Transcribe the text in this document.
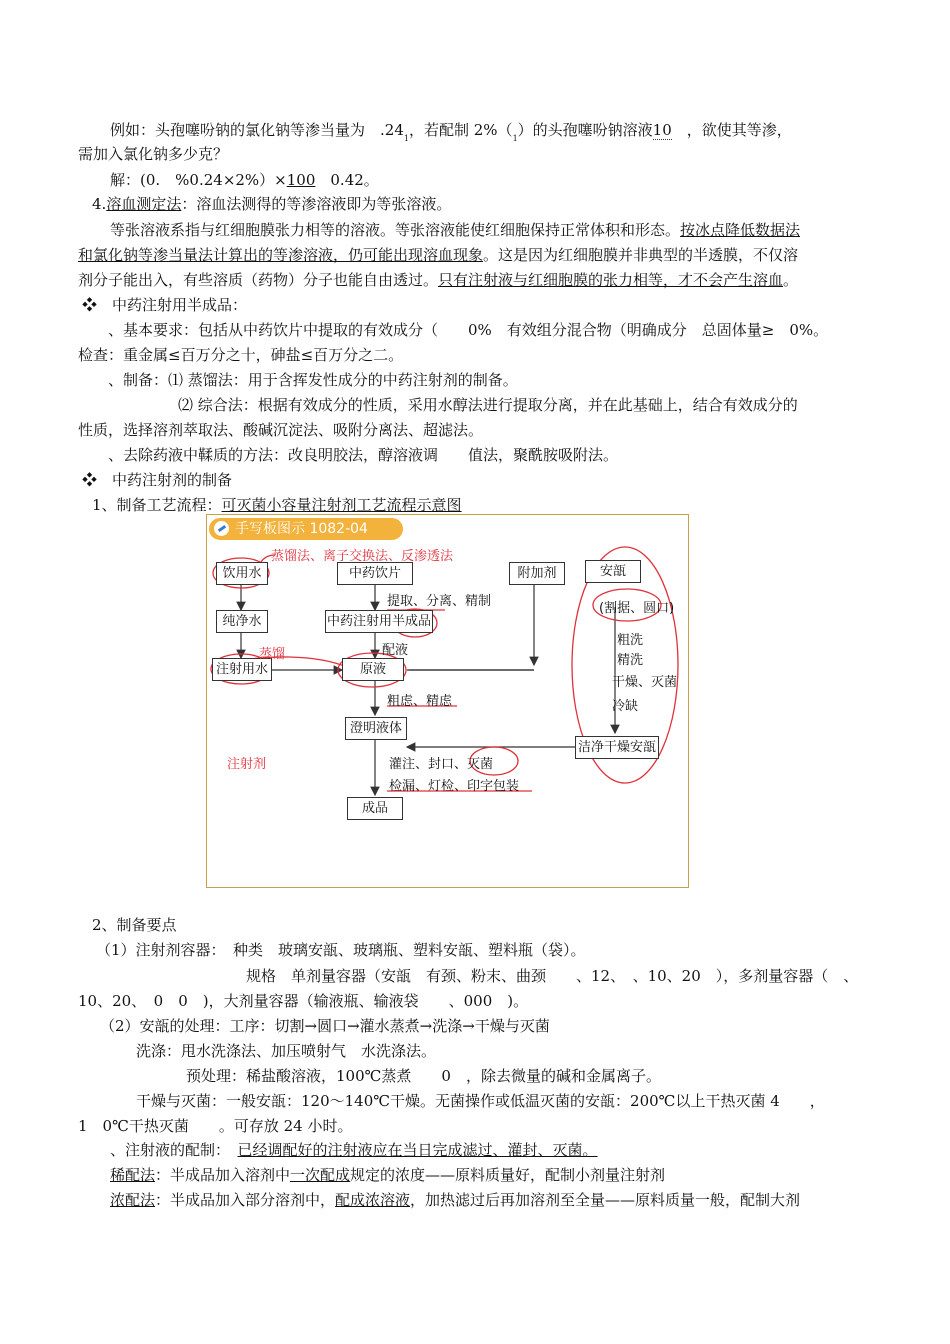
例如：头孢噻吩钠的氯化钠等渗当量为　 $.24_1$，若配制 $2\%(_1)$的头孢噻吩钠溶液10　 ，欲使其等渗，
需加入氯化钠多少克？
解：(0.　%0.24×2%）×100　0.42。
4.溶血测定法：溶血法测得的等渗溶液即为等张溶液。
等张溶液系指与红细胞膜张力相等的溶液。等张溶液能使红细胞保持正常体积和形态。按冰点降低数据法
和氯化钠等渗当量法计算出的等渗溶液，仍可能出现溶血现象。这是因为红细胞膜并非典型的半透膜，不仅溶
剂分子能出入，有些溶质（药物）分子也能自由透过。只有注射液与红细胞膜的张力相等，才不会产生溶血。
❖　 中药注射用半成品：
、基本要求：包括从中药饮片中提取的有效成分（　　0%　有效组分混合物（明确成分　总固体量≥　0%。
检查：重金属≤百万分之十，砷盐≤百万分之二。
、制备：⑴ 蒸馏法：用于含挥发性成分的中药注射剂的制备。
⑵ 综合法：根据有效成分的性质，采用水醇法进行提取分离，并在此基础上，结合有效成分的
性质，选择溶剂萃取法、酸碱沉淀法、吸附分离法、超滤法。
、去除药液中鞣质的方法：改良明胶法，醇溶液调　　值法，聚酰胺吸附法。
❖　 中药注射剂的制备
1、制备工艺流程：可灭菌小容量注射剂工艺流程示意图
手写板图示 1082-04
饮用水
纯净水
注射用水
中药饮片
中药注射用半成品
原液
澄明液体
成品
附加剂	安瓿
洁净干燥安瓿
蒸馏法、离子交换法、反渗透法
蒸馏
提取、分离、精制
配液
粗虑、精虑
(割据、圆口)
粗洗
精洗
干燥、灭菌
冷缺
灌注、封口、灭菌
检漏、灯检、印字包装
注射剂
2、制备要点
（1）注射剂容器：　种类　玻璃安瓿、玻璃瓶、塑料安瓿、塑料瓶（袋）。
规格　单剂量容器（安瓿　有颈、粉末、曲颈　　、12、　、10、20　），多剂量容器（　、
10、20、　0　0　)，大剂量容器（输液瓶、输液袋　　、000　)。
（2）安瓿的处理：工序：切割→圆口→灌水蒸煮→洗涤→干燥与灭菌
洗涤：甩水洗涤法、加压喷射气　水洗涤法。
预处理：稀盐酸溶液，100℃蒸煮　　0　，除去微量的碱和金属离子。
干燥与灭菌：一般安瓿：120～140℃干燥。无菌操作或低温灭菌的安瓿：200℃以上干热灭菌 4　　，
1　0℃干热灭菌　　。可存放 24 小时。
、注射液的配制：　 已经调配好的注射液应在当日完成滤过、灌封、灭菌。
稀配法：半成品加入溶剂中一次配成规定的浓度——原料质量好，配制小剂量注射剂
浓配法：半成品加入部分溶剂中，配成浓溶液，加热滤过后再加溶剂至全量——原料质量一般，配制大剂
